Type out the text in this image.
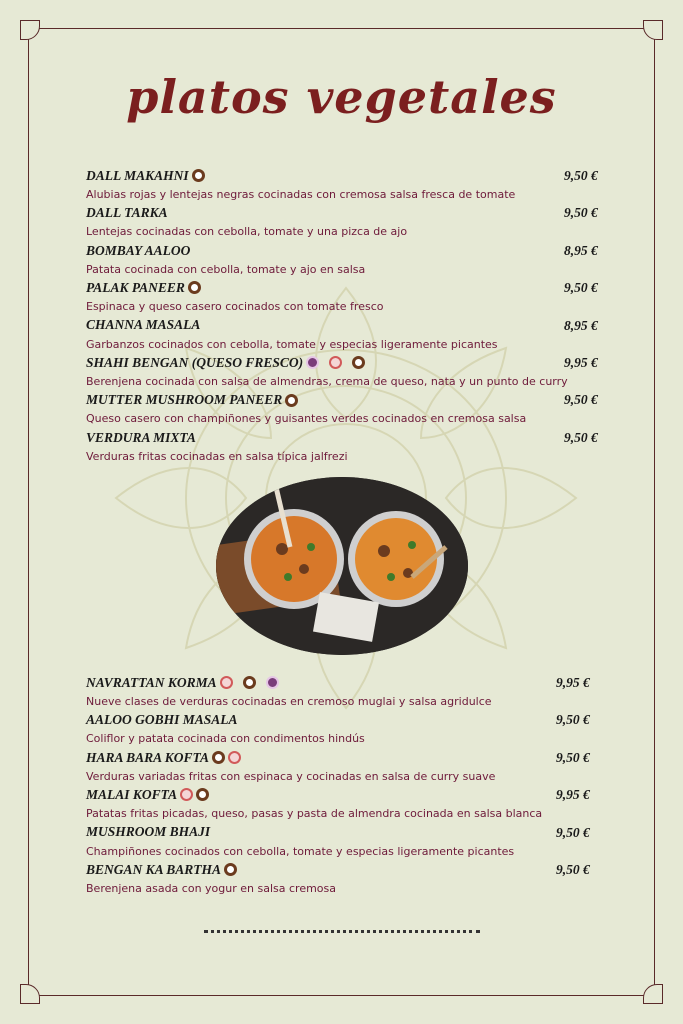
platos vegetales
DALL MAKAHNI	9,50 €
Alubias rojas y lentejas negras cocinadas con cremosa salsa fresca de tomate
DALL TARKA	9,50 €
Lentejas cocinadas con cebolla, tomate y una pizca de ajo
BOMBAY AALOO	8,95 €
Patata cocinada con cebolla, tomate y ajo en salsa
PALAK PANEER	9,50 €
Espinaca y queso casero cocinados con tomate fresco
CHANNA MASALA	8,95 €
Garbanzos cocinados con cebolla, tomate y especias ligeramente picantes
SHAHI BENGAN (QUESO FRESCO)	9,95 €
Berenjena cocinada con salsa de almendras, crema de queso, nata y un punto de curry
MUTTER MUSHROOM PANEER	9,50 €
Queso casero con champiñones y guisantes verdes cocinados en cremosa salsa
VERDURA MIXTA	9,50 €
Verduras fritas cocinadas en salsa típica jalfrezi
NAVRATTAN KORMA	9,95 €
Nueve clases de verduras cocinadas en cremoso muglai y salsa agridulce
AALOO GOBHI MASALA	9,50 €
Coliflor y patata cocinada con condimentos hindús
HARA BARA KOFTA	9,50 €
Verduras variadas fritas con espinaca y cocinadas en salsa de curry suave
MALAI KOFTA	9,95 €
Patatas fritas picadas, queso, pasas y pasta de almendra cocinada en salsa blanca
MUSHROOM BHAJI	9,50 €
Champiñones cocinados con cebolla, tomate y especias ligeramente picantes
BENGAN KA BARTHA	9,50 €
Berenjena asada con yogur en salsa cremosa
